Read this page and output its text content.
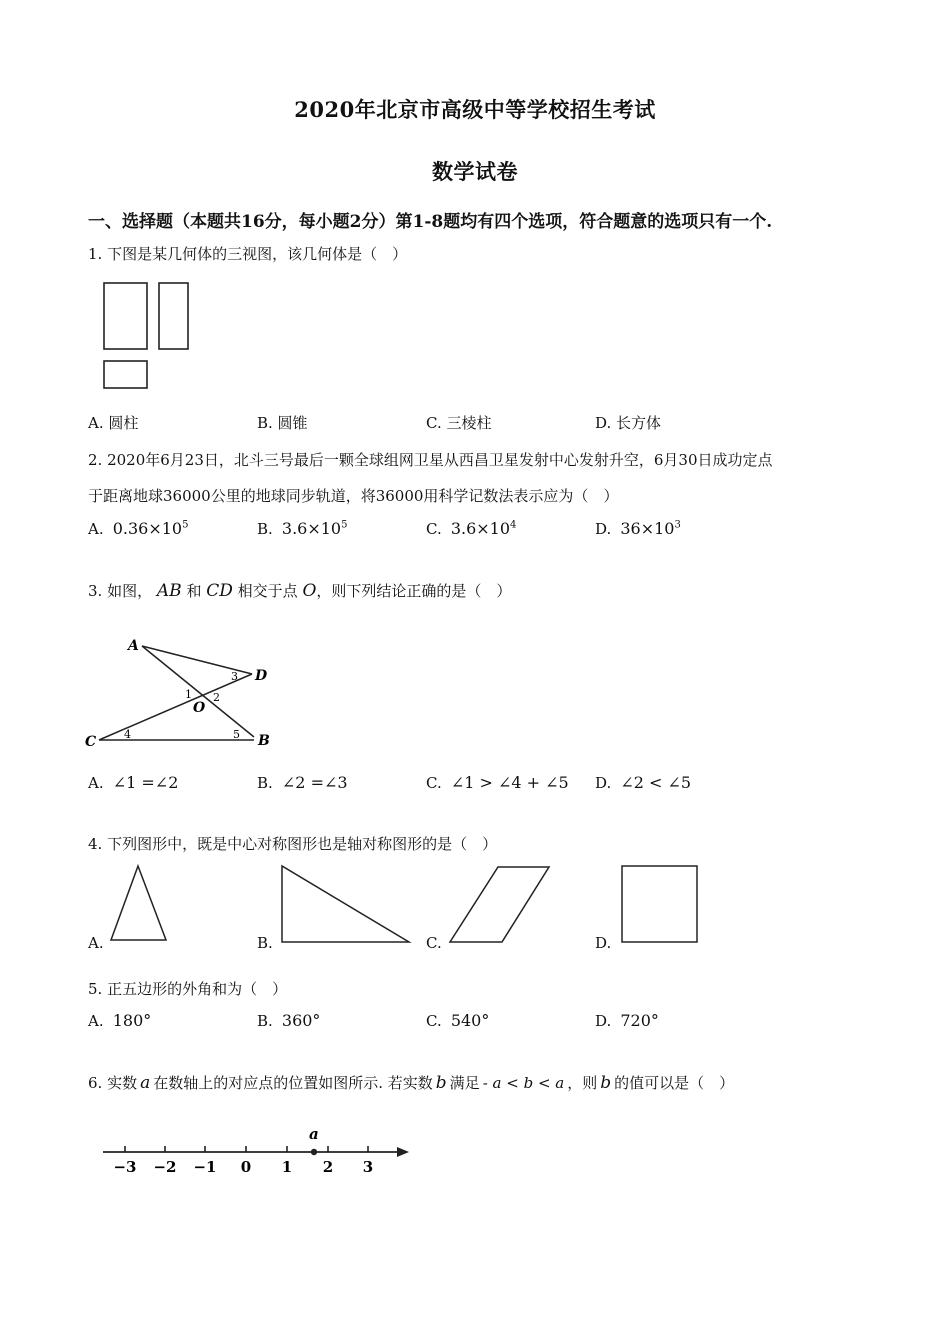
2020年北京市高级中等学校招生考试
数学试卷
一、选择题（本题共16分，每小题2分）第1-8题均有四个选项，符合题意的选项只有一个.
1. 下图是某几何体的三视图，该几何体是（　）
A. 圆柱	B. 圆锥	C. 三棱柱	D. 长方体
2. 2020年6月23日，北斗三号最后一颗全球组网卫星从西昌卫星发射中心发射升空，6月30日成功定点
于距离地球36000公里的地球同步轨道，将36000用科学记数法表示应为（　）
A. $0.36\times 10^5$	B. $3.6\times 10^5$	C. $3.6\times 10^4$	D. $36\times 10^3$
3. 如图， AB 和 CD 相交于点 O，则下列结论正确的是（　）
A
D
C	B
O
1 2
3
4	5
A. ∠1 =∠2	B. ∠2 =∠3	C. ∠1 > ∠4 + ∠5 D. ∠2 < ∠5
4. 下列图形中，既是中心对称图形也是轴对称图形的是（　）
A.	B.	C.	D.
5. 正五边形的外角和为（　）
A. 180°	B. 360°	C. 540°	D. 720°
6. 实数 a 在数轴上的对应点的位置如图所示. 若实数 b 满足 - a < b < a ，则 b 的值可以是（　）
a
−3 −2 −1 0 1 2 3
